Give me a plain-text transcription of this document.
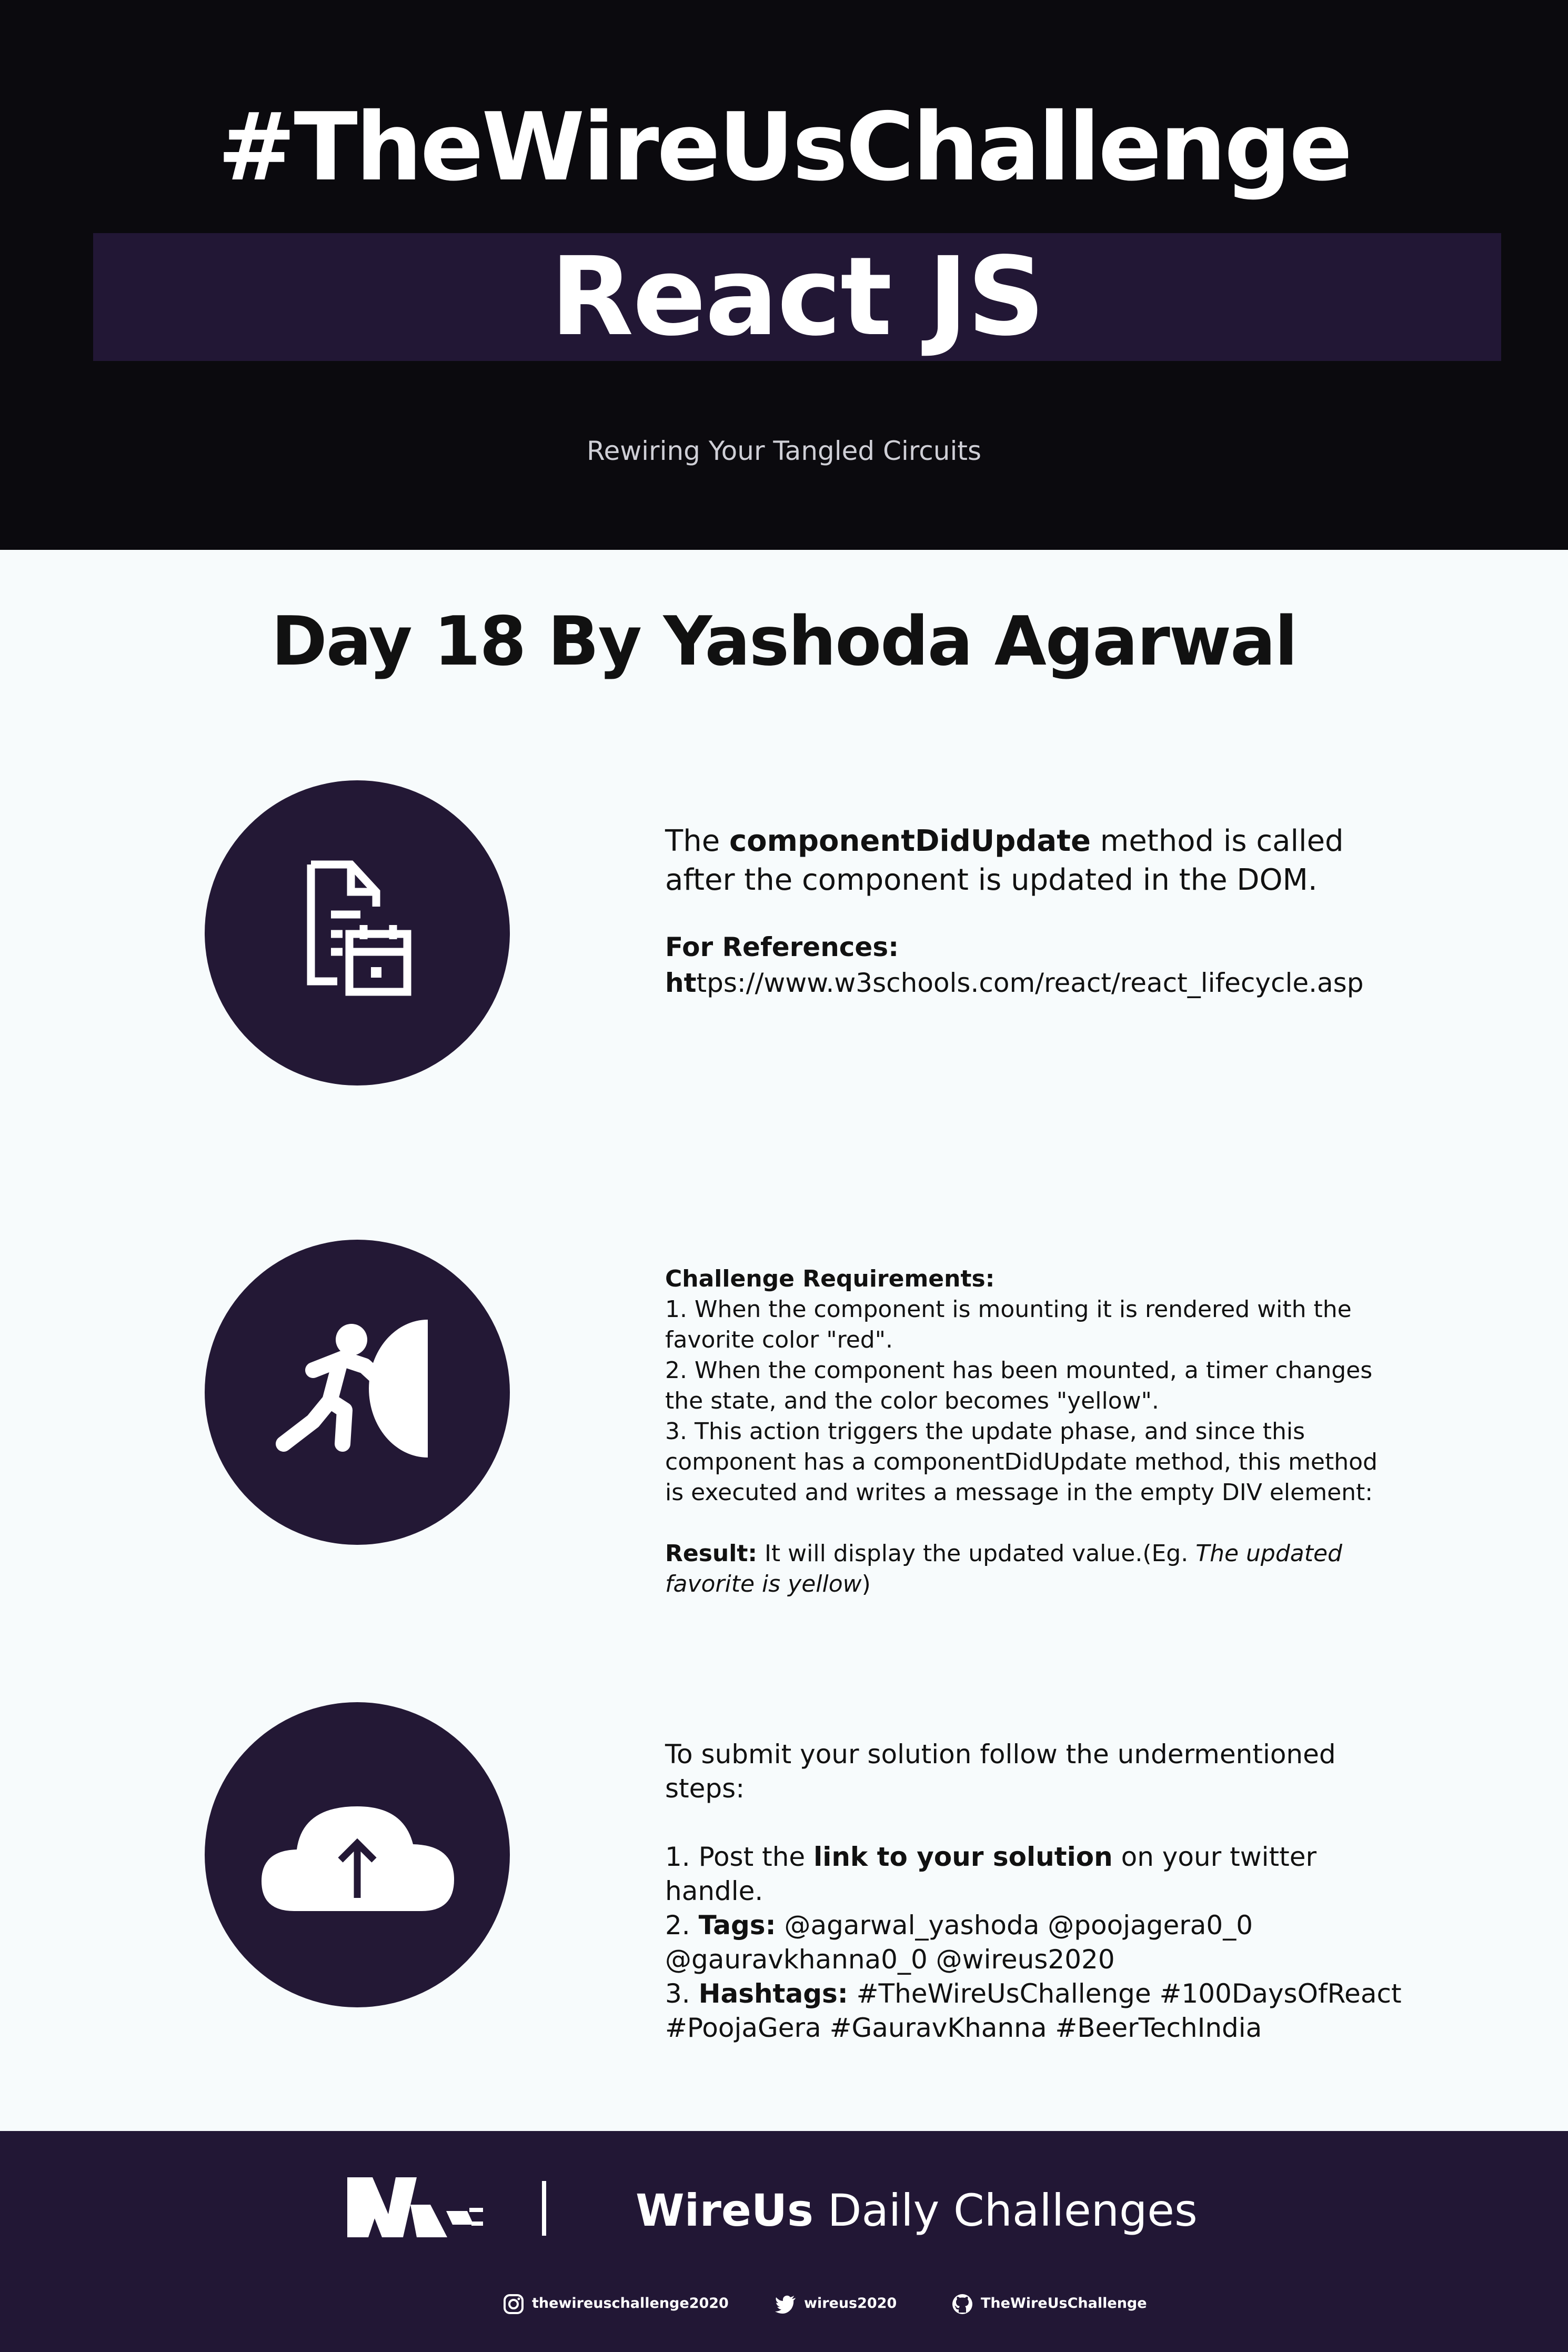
#TheWireUsChallenge
React JS
Rewiring Your Tangled Circuits
Day 18 By Yashoda Agarwal
The componentDidUpdate method is called after the component is updated in the DOM.
For References:
https://www.w3schools.com/react/react_lifecycle.asp
Challenge Requirements:
1. When the component is mounting it is rendered with the favorite color "red".
2. When the component has been mounted, a timer changes the state, and the color becomes "yellow".
3. This action triggers the update phase, and since this component has a componentDidUpdate method, this method is executed and writes a message in the empty DIV element:
Result: It will display the updated value.(Eg. The updated favorite is yellow)
To submit your solution follow the undermentioned steps:
1. Post the link to your solution on your twitter handle.
2. Tags: @agarwal_yashoda @poojagera0_0 @gauravkhanna0_0 @wireus2020
3. Hashtags: #TheWireUsChallenge #100DaysOfReact #PoojaGera #GauravKhanna #BeerTechIndia
WireUs Daily Challenges
thewireuschallenge2020	wireus2020	TheWireUsChallenge
